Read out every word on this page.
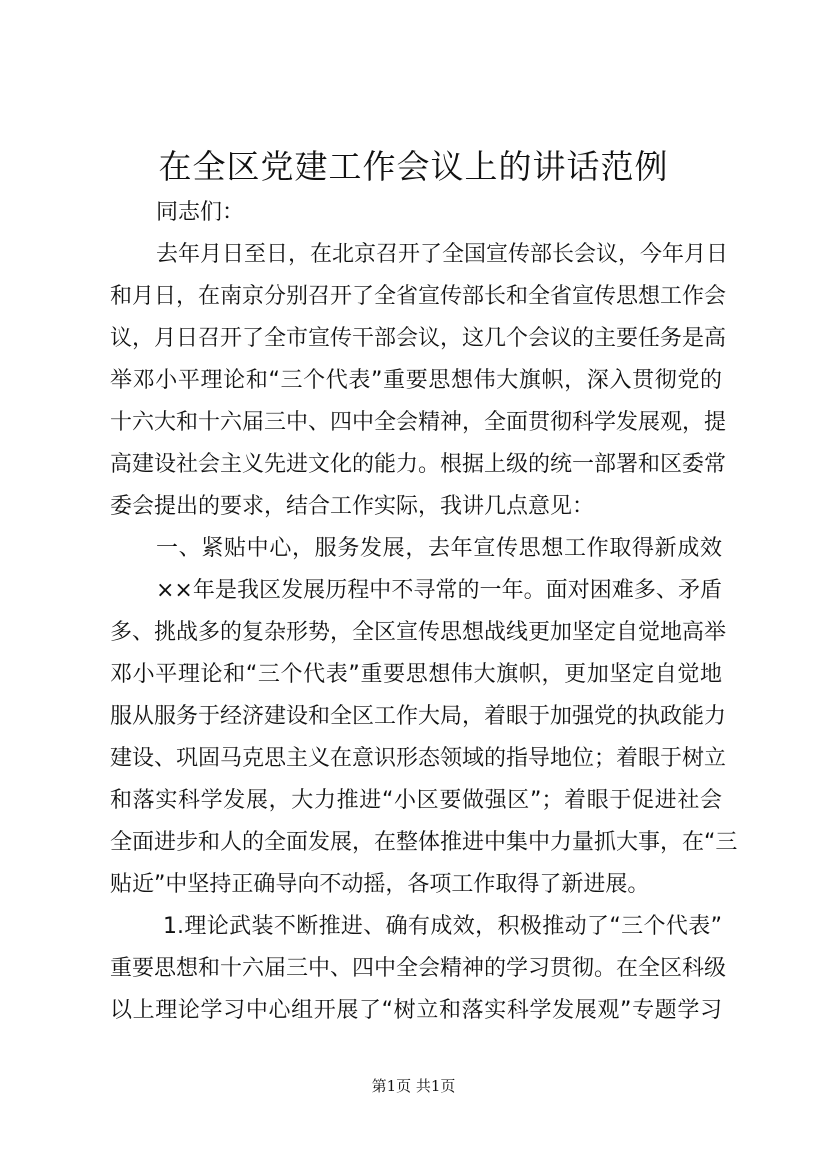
在全区党建工作会议上的讲话范例
同志们：
去年月日至日，在北京召开了全国宣传部长会议，今年月日
和月日，在南京分别召开了全省宣传部长和全省宣传思想工作会
议，月日召开了全市宣传干部会议，这几个会议的主要任务是高
举邓小平理论和“三个代表”重要思想伟大旗帜，深入贯彻党的
十六大和十六届三中、四中全会精神，全面贯彻科学发展观，提
高建设社会主义先进文化的能力。根据上级的统一部署和区委常
委会提出的要求，结合工作实际，我讲几点意见：
一、紧贴中心，服务发展，去年宣传思想工作取得新成效
××年是我区发展历程中不寻常的一年。面对困难多、矛盾
多、挑战多的复杂形势，全区宣传思想战线更加坚定自觉地高举
邓小平理论和“三个代表”重要思想伟大旗帜，更加坚定自觉地
服从服务于经济建设和全区工作大局，着眼于加强党的执政能力
建设、巩固马克思主义在意识形态领域的指导地位；着眼于树立
和落实科学发展，大力推进“小区要做强区”；着眼于促进社会
全面进步和人的全面发展，在整体推进中集中力量抓大事，在“三
贴近”中坚持正确导向不动摇，各项工作取得了新进展。
1.理论武装不断推进、确有成效，积极推动了“三个代表”
重要思想和十六届三中、四中全会精神的学习贯彻。在全区科级
以上理论学习中心组开展了“树立和落实科学发展观”专题学习
第1页 共1页
